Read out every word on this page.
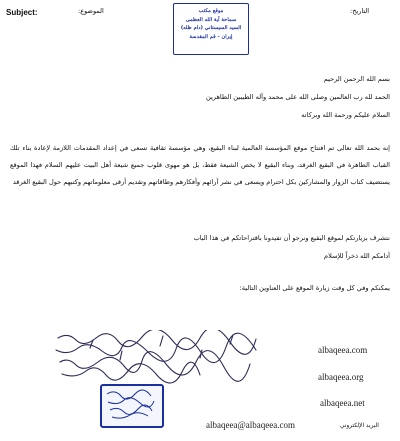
Subject:	الموضوع:	التاريخ:
موقع مكتب
سماحة آية الله العظمى
السيد السيستاني (دام ظله)
إيران - قم المقدسة
بسم الله الرحمن الرحيم
الحمد لله رب العالمين وصلى الله على محمد وآله الطيبين الطاهرين
السلام عليكم ورحمة الله وبركاته
إنه بحمد الله تعالى تم افتتاح موقع المؤسسة العالمية لبناء البقيع، وهي مؤسسة ثقافية تسعى في إعداد المقدمات اللازمة لإعادة بناء تلك القباب الطاهرة في البقيع الغرقد، وبناء البقيع لا يخص الشيعة فقط، بل هو مهوى قلوب جميع شيعة أهل البيت عليهم السلام فهذا الموقع يستضيف كتاب الزوار والمشاركين بكل احترام ويسعى في نشر آرائهم وأفكارهم وطاقاتهم وتقديم أرقى معلوماتهم وكتبهم حول البقيع الغرقد
نتشرف بزيارتكم لموقع البقيع ونرجو أن تفيدونا باقتراحاتكم في هذا الباب
أدامكم الله ذخراً للإسلام
يمكنكم وفي كل وقت زيارة الموقع على العناوين التالية:
albaqeea.com
albaqeea.org
albaqeea.net
albaqeea@albaqeea.com	البريد الإلكتروني
